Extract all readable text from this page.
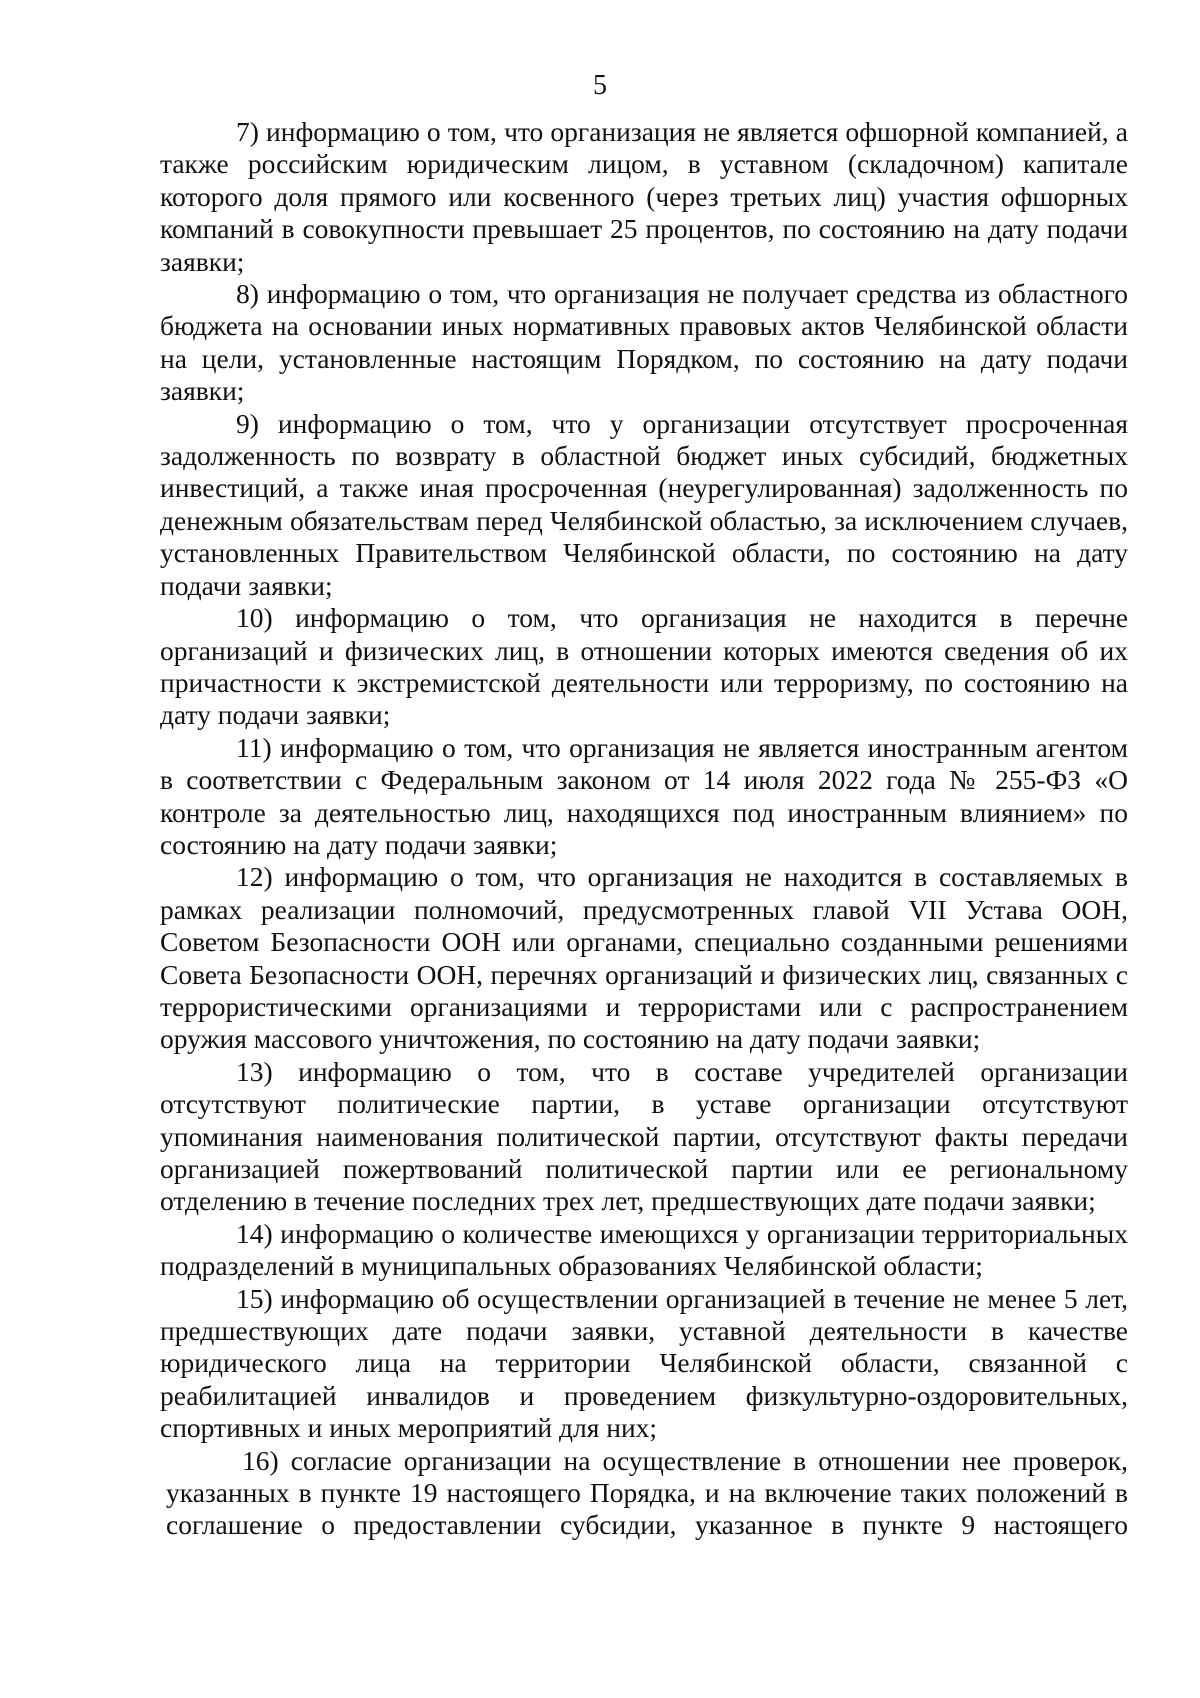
5

7) информацию о том, что организация не является офшорной компанией, а также российским юридическим лицом, в уставном (складочном) капитале которого доля прямого или косвенного (через третьих лиц) участия офшорных компаний в совокупности превышает 25 процентов, по состоянию на дату подачи заявки;

8) информацию о том, что организация не получает средства из областного бюджета на основании иных нормативных правовых актов Челябинской области на цели, установленные настоящим Порядком, по состоянию на дату подачи заявки;

9) информацию о том, что у организации отсутствует просроченная задолженность по возврату в областной бюджет иных субсидий, бюджетных инвестиций, а также иная просроченная (неурегулированная) задолженность по денежным обязательствам перед Челябинской областью, за исключением случаев, установленных Правительством Челябинской области, по состоянию на дату подачи заявки;

10) информацию о том, что организация не находится в перечне организаций и физических лиц, в отношении которых имеются сведения об их причастности к экстремистской деятельности или терроризму, по состоянию на дату подачи заявки;

11) информацию о том, что организация не является иностранным агентом в соответствии с Федеральным законом от 14 июля 2022 года № 255-ФЗ «О контроле за деятельностью лиц, находящихся под иностранным влиянием» по состоянию на дату подачи заявки;

12) информацию о том, что организация не находится в составляемых в рамках реализации полномочий, предусмотренных главой VII Устава ООН, Советом Безопасности ООН или органами, специально созданными решениями Совета Безопасности ООН, перечнях организаций и физических лиц, связанных с террористическими организациями и террористами или с распространением оружия массового уничтожения, по состоянию на дату подачи заявки;

13) информацию о том, что в составе учредителей организации отсутствуют политические партии, в уставе организации отсутствуют упоминания наименования политической партии, отсутствуют факты передачи организацией пожертвований политической партии или ее региональному отделению в течение последних трех лет, предшествующих дате подачи заявки;

14) информацию о количестве имеющихся у организации территориальных подразделений в муниципальных образованиях Челябинской области;

15) информацию об осуществлении организацией в течение не менее 5 лет, предшествующих дате подачи заявки, уставной деятельности в качестве юридического лица на территории Челябинской области, связанной с реабилитацией инвалидов и проведением физкультурно-оздоровительных, спортивных и иных мероприятий для них;

16) согласие организации на осуществление в отношении нее проверок, указанных в пункте 19 настоящего Порядка, и на включение таких положений в соглашение о предоставлении субсидии, указанное в пункте 9 настоящего
